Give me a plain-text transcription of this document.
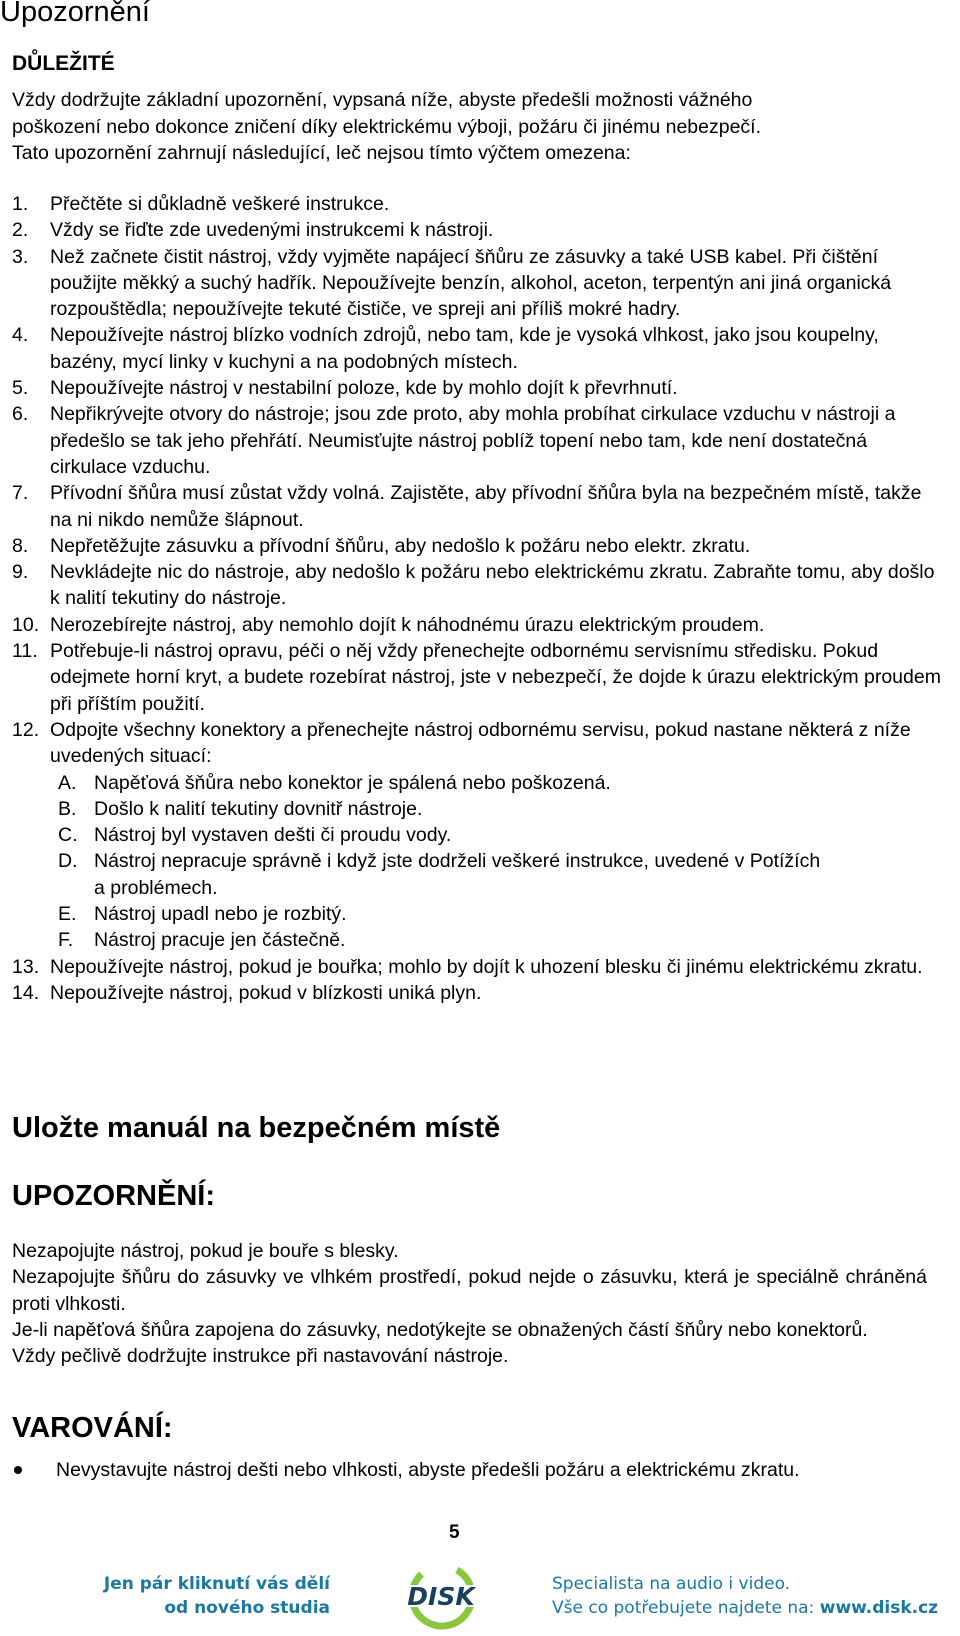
Upozornění
DŮLEŽITÉ

Vždy dodržujte základní upozornění, vypsaná níže, abyste předešli možnosti vážného

poškození nebo dokonce zničení díky elektrickému výboji, požáru či jinému nebezpečí.

Tato upozornění zahrnují následující, leč nejsou tímto výčtem omezena:

1. Přečtěte si důkladně veškeré instrukce.
2. Vždy se řiďte zde uvedenými instrukcemi k nástroji.
3. Než začnete čistit nástroj, vždy vyjměte napájecí šňůru ze zásuvky a také USB kabel. Při čištění použijte měkký a suchý hadřík. Nepoužívejte benzín, alkohol, aceton, terpentýn ani jiná organická rozpouštědla; nepoužívejte tekuté čističe, ve spreji ani příliš mokré hadry.
4. Nepoužívejte nástroj blízko vodních zdrojů, nebo tam, kde je vysoká vlhkost, jako jsou koupelny, bazény, mycí linky v kuchyni a na podobných místech.
5. Nepoužívejte nástroj v nestabilní poloze, kde by mohlo dojít k převrhnutí.
6. Nepřikrývejte otvory do nástroje; jsou zde proto, aby mohla probíhat cirkulace vzduchu v nástroji a předešlo se tak jeho přehřátí. Neumisťujte nástroj poblíž topení nebo tam, kde není dostatečná cirkulace vzduchu.
7. Přívodní šňůra musí zůstat vždy volná. Zajistěte, aby přívodní šňůra byla na bezpečném místě, takže na ni nikdo nemůže šlápnout.
8. Nepřetěžujte zásuvku a přívodní šňůru, aby nedošlo k požáru nebo elektr. zkratu.
9. Nevkládejte nic do nástroje, aby nedošlo k požáru nebo elektrickému zkratu. Zabraňte tomu, aby došlo k nalití tekutiny do nástroje.
10. Nerozebírejte nástroj, aby nemohlo dojít k náhodnému úrazu elektrickým proudem.
11. Potřebuje-li nástroj opravu, péči o něj vždy přenechejte odbornému servisnímu středisku. Pokud odejmete horní kryt, a budete rozebírat nástroj, jste v nebezpečí, že dojde k úrazu elektrickým proudem při příštím použití.
12. Odpojte všechny konektory a přenechejte nástroj odbornému servisu, pokud nastane některá z níže uvedených situací:
A. Napěťová šňůra nebo konektor je spálená nebo poškozená.
B. Došlo k nalití tekutiny dovnitř nástroje.
C. Nástroj byl vystaven dešti či proudu vody.
D. Nástroj nepracuje správně i když jste dodrželi veškeré instrukce, uvedené v Potížích a problémech.
E. Nástroj upadl nebo je rozbitý.
F. Nástroj pracuje jen částečně.
13. Nepoužívejte nástroj, pokud je bouřka; mohlo by dojít k uhození blesku či jinému elektrickému zkratu.
14. Nepoužívejte nástroj, pokud v blízkosti uniká plyn.
Uložte manuál na bezpečném místě
UPOZORNĚNÍ:

Nezapojujte nástroj, pokud je bouře s blesky.

Nezapojujte šňůru do zásuvky ve vlhkém prostředí, pokud nejde o zásuvku, která je speciálně chráněná proti vlhkosti.

Je-li napěťová šňůra zapojena do zásuvky, nedotýkejte se obnažených částí šňůry nebo konektorů.

Vždy pečlivě dodržujte instrukce při nastavování nástroje.

VAROVÁNÍ:
Nevystavujte nástroj dešti nebo vlhkosti, abyste předešli požáru a elektrickému zkratu.
5
Jen pár kliknutí vás dělí
od nového studia	DISK	Specialista na audio i video.
Vše co potřebujete najdete na: www.disk.cz
